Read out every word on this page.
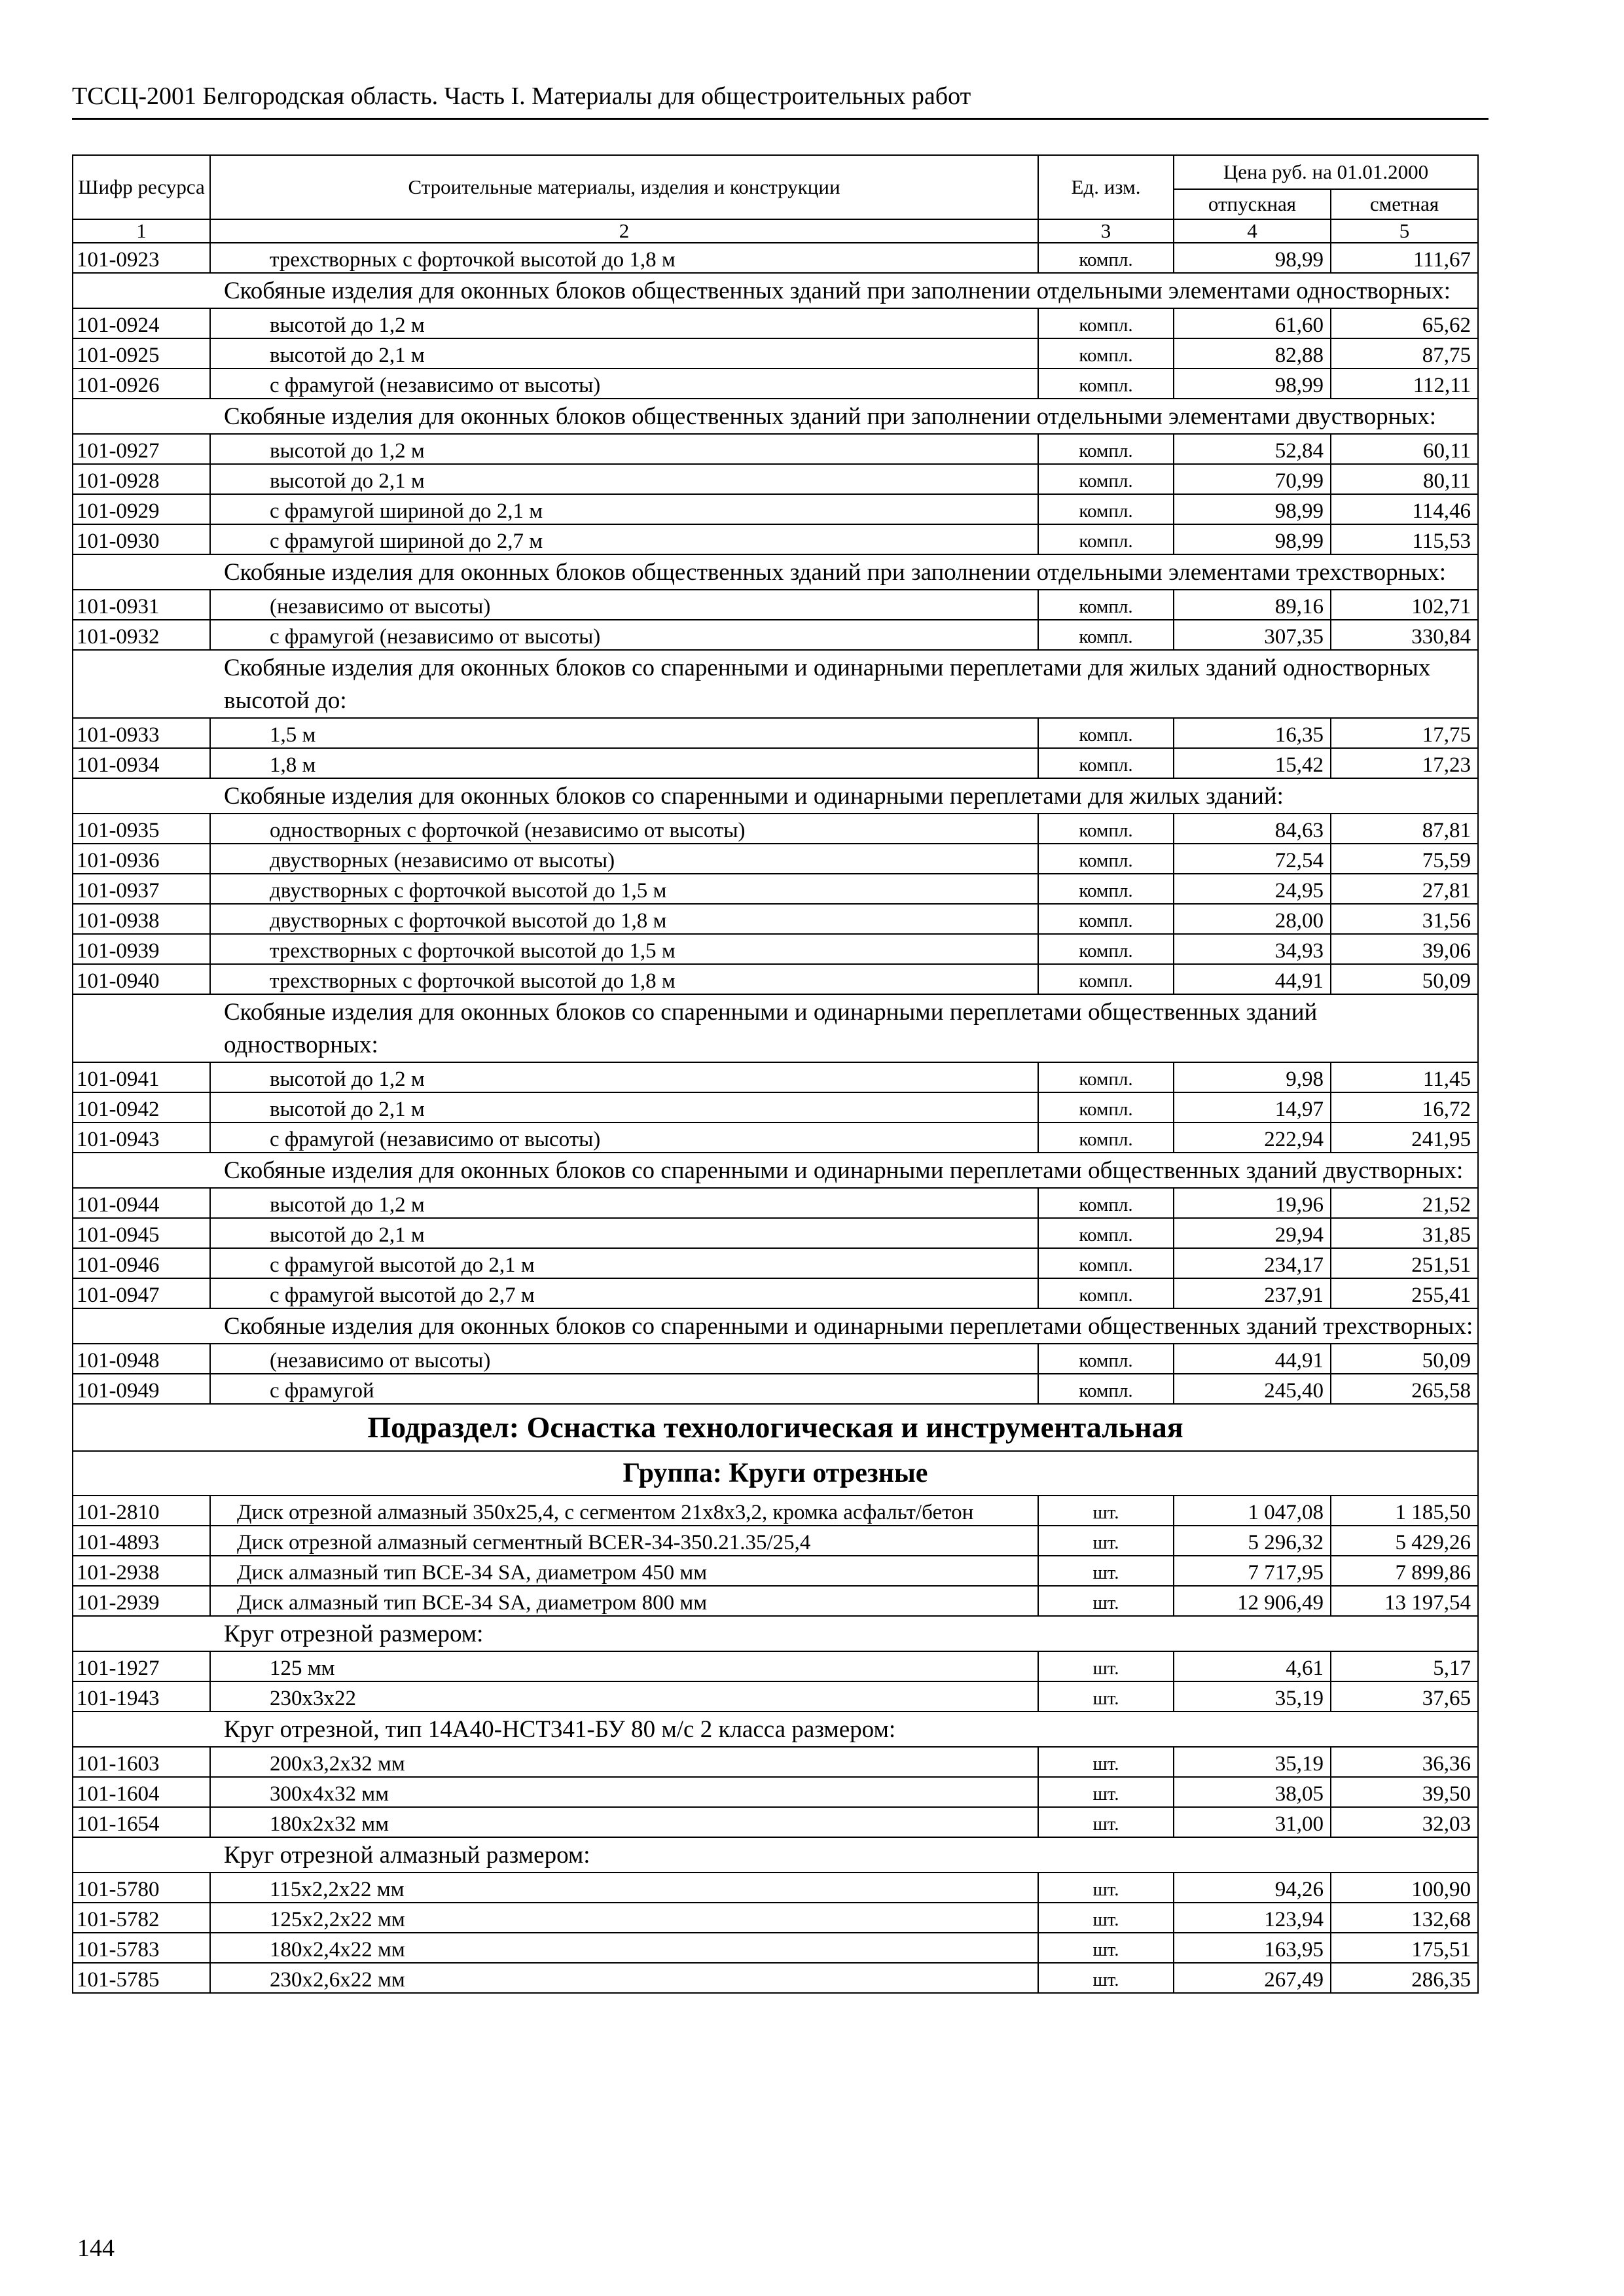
ТССЦ-2001 Белгородская область. Часть I. Материалы для общестроительных работ
Шифр ресурса	Строительные материалы, изделия и конструкции	Ед. изм.	Цена руб. на 01.01.2000	
			отпускная	сметная
1	2	3	4	5
101-0923	трехстворных с форточкой высотой до 1,8 м	компл.	98,99	111,67
Скобяные изделия для оконных блоков общественных зданий при заполнении отдельными элементами одностворных:				
101-0924	высотой до 1,2 м	компл.	61,60	65,62
101-0925	высотой до 2,1 м	компл.	82,88	87,75
101-0926	с фрамугой (независимо от высоты)	компл.	98,99	112,11
Скобяные изделия для оконных блоков общественных зданий при заполнении отдельными элементами двустворных:				
101-0927	высотой до 1,2 м	компл.	52,84	60,11
101-0928	высотой до 2,1 м	компл.	70,99	80,11
101-0929	с фрамугой шириной до 2,1 м	компл.	98,99	114,46
101-0930	с фрамугой шириной до 2,7 м	компл.	98,99	115,53
Скобяные изделия для оконных блоков общественных зданий при заполнении отдельными элементами трехстворных:				
101-0931	(независимо от высоты)	компл.	89,16	102,71
101-0932	с фрамугой (независимо от высоты)	компл.	307,35	330,84
Скобяные изделия для оконных блоков со спаренными и одинарными переплетами для жилых зданий одностворных высотой до:				
101-0933	1,5 м	компл.	16,35	17,75
101-0934	1,8 м	компл.	15,42	17,23
Скобяные изделия для оконных блоков со спаренными и одинарными переплетами для жилых зданий:				
101-0935	одностворных с форточкой (независимо от высоты)	компл.	84,63	87,81
101-0936	двустворных (независимо от высоты)	компл.	72,54	75,59
101-0937	двустворных с форточкой высотой до 1,5 м	компл.	24,95	27,81
101-0938	двустворных с форточкой высотой до 1,8 м	компл.	28,00	31,56
101-0939	трехстворных с форточкой высотой до 1,5 м	компл.	34,93	39,06
101-0940	трехстворных с форточкой высотой до 1,8 м	компл.	44,91	50,09
Скобяные изделия для оконных блоков со спаренными и одинарными переплетами общественных зданий одностворных:				
101-0941	высотой до 1,2 м	компл.	9,98	11,45
101-0942	высотой до 2,1 м	компл.	14,97	16,72
101-0943	с фрамугой (независимо от высоты)	компл.	222,94	241,95
Скобяные изделия для оконных блоков со спаренными и одинарными переплетами общественных зданий двустворных:				
101-0944	высотой до 1,2 м	компл.	19,96	21,52
101-0945	высотой до 2,1 м	компл.	29,94	31,85
101-0946	с фрамугой высотой до 2,1 м	компл.	234,17	251,51
101-0947	с фрамугой высотой до 2,7 м	компл.	237,91	255,41
Скобяные изделия для оконных блоков со спаренными и одинарными переплетами общественных зданий трехстворных:				
101-0948	(независимо от высоты)	компл.	44,91	50,09
101-0949	с фрамугой	компл.	245,40	265,58
Подраздел: Оснастка технологическая и инструментальная				
Группа: Круги отрезные				
101-2810	Диск отрезной алмазный 350х25,4, с сегментом 21х8х3,2, кромка асфальт/бетон	шт.	1 047,08	1 185,50
101-4893	Диск отрезной алмазный сегментный ВСЕR-34-350.21.35/25,4	шт.	5 296,32	5 429,26
101-2938	Диск алмазный тип ВСЕ-34 SA, диаметром 450 мм	шт.	7 717,95	7 899,86
101-2939	Диск алмазный тип ВСЕ-34 SA, диаметром 800 мм	шт.	12 906,49	13 197,54
Круг отрезной размером:				
101-1927	125 мм	шт.	4,61	5,17
101-1943	230х3х22	шт.	35,19	37,65
Круг отрезной, тип 14А40-НСТ341-БУ 80 м/с 2 класса размером:				
101-1603	200х3,2х32 мм	шт.	35,19	36,36
101-1604	300х4х32 мм	шт.	38,05	39,50
101-1654	180х2х32 мм	шт.	31,00	32,03
Круг отрезной алмазный размером:				
101-5780	115х2,2х22 мм	шт.	94,26	100,90
101-5782	125х2,2х22 мм	шт.	123,94	132,68
101-5783	180х2,4х22 мм	шт.	163,95	175,51
101-5785	230х2,6х22 мм	шт.	267,49	286,35
144
